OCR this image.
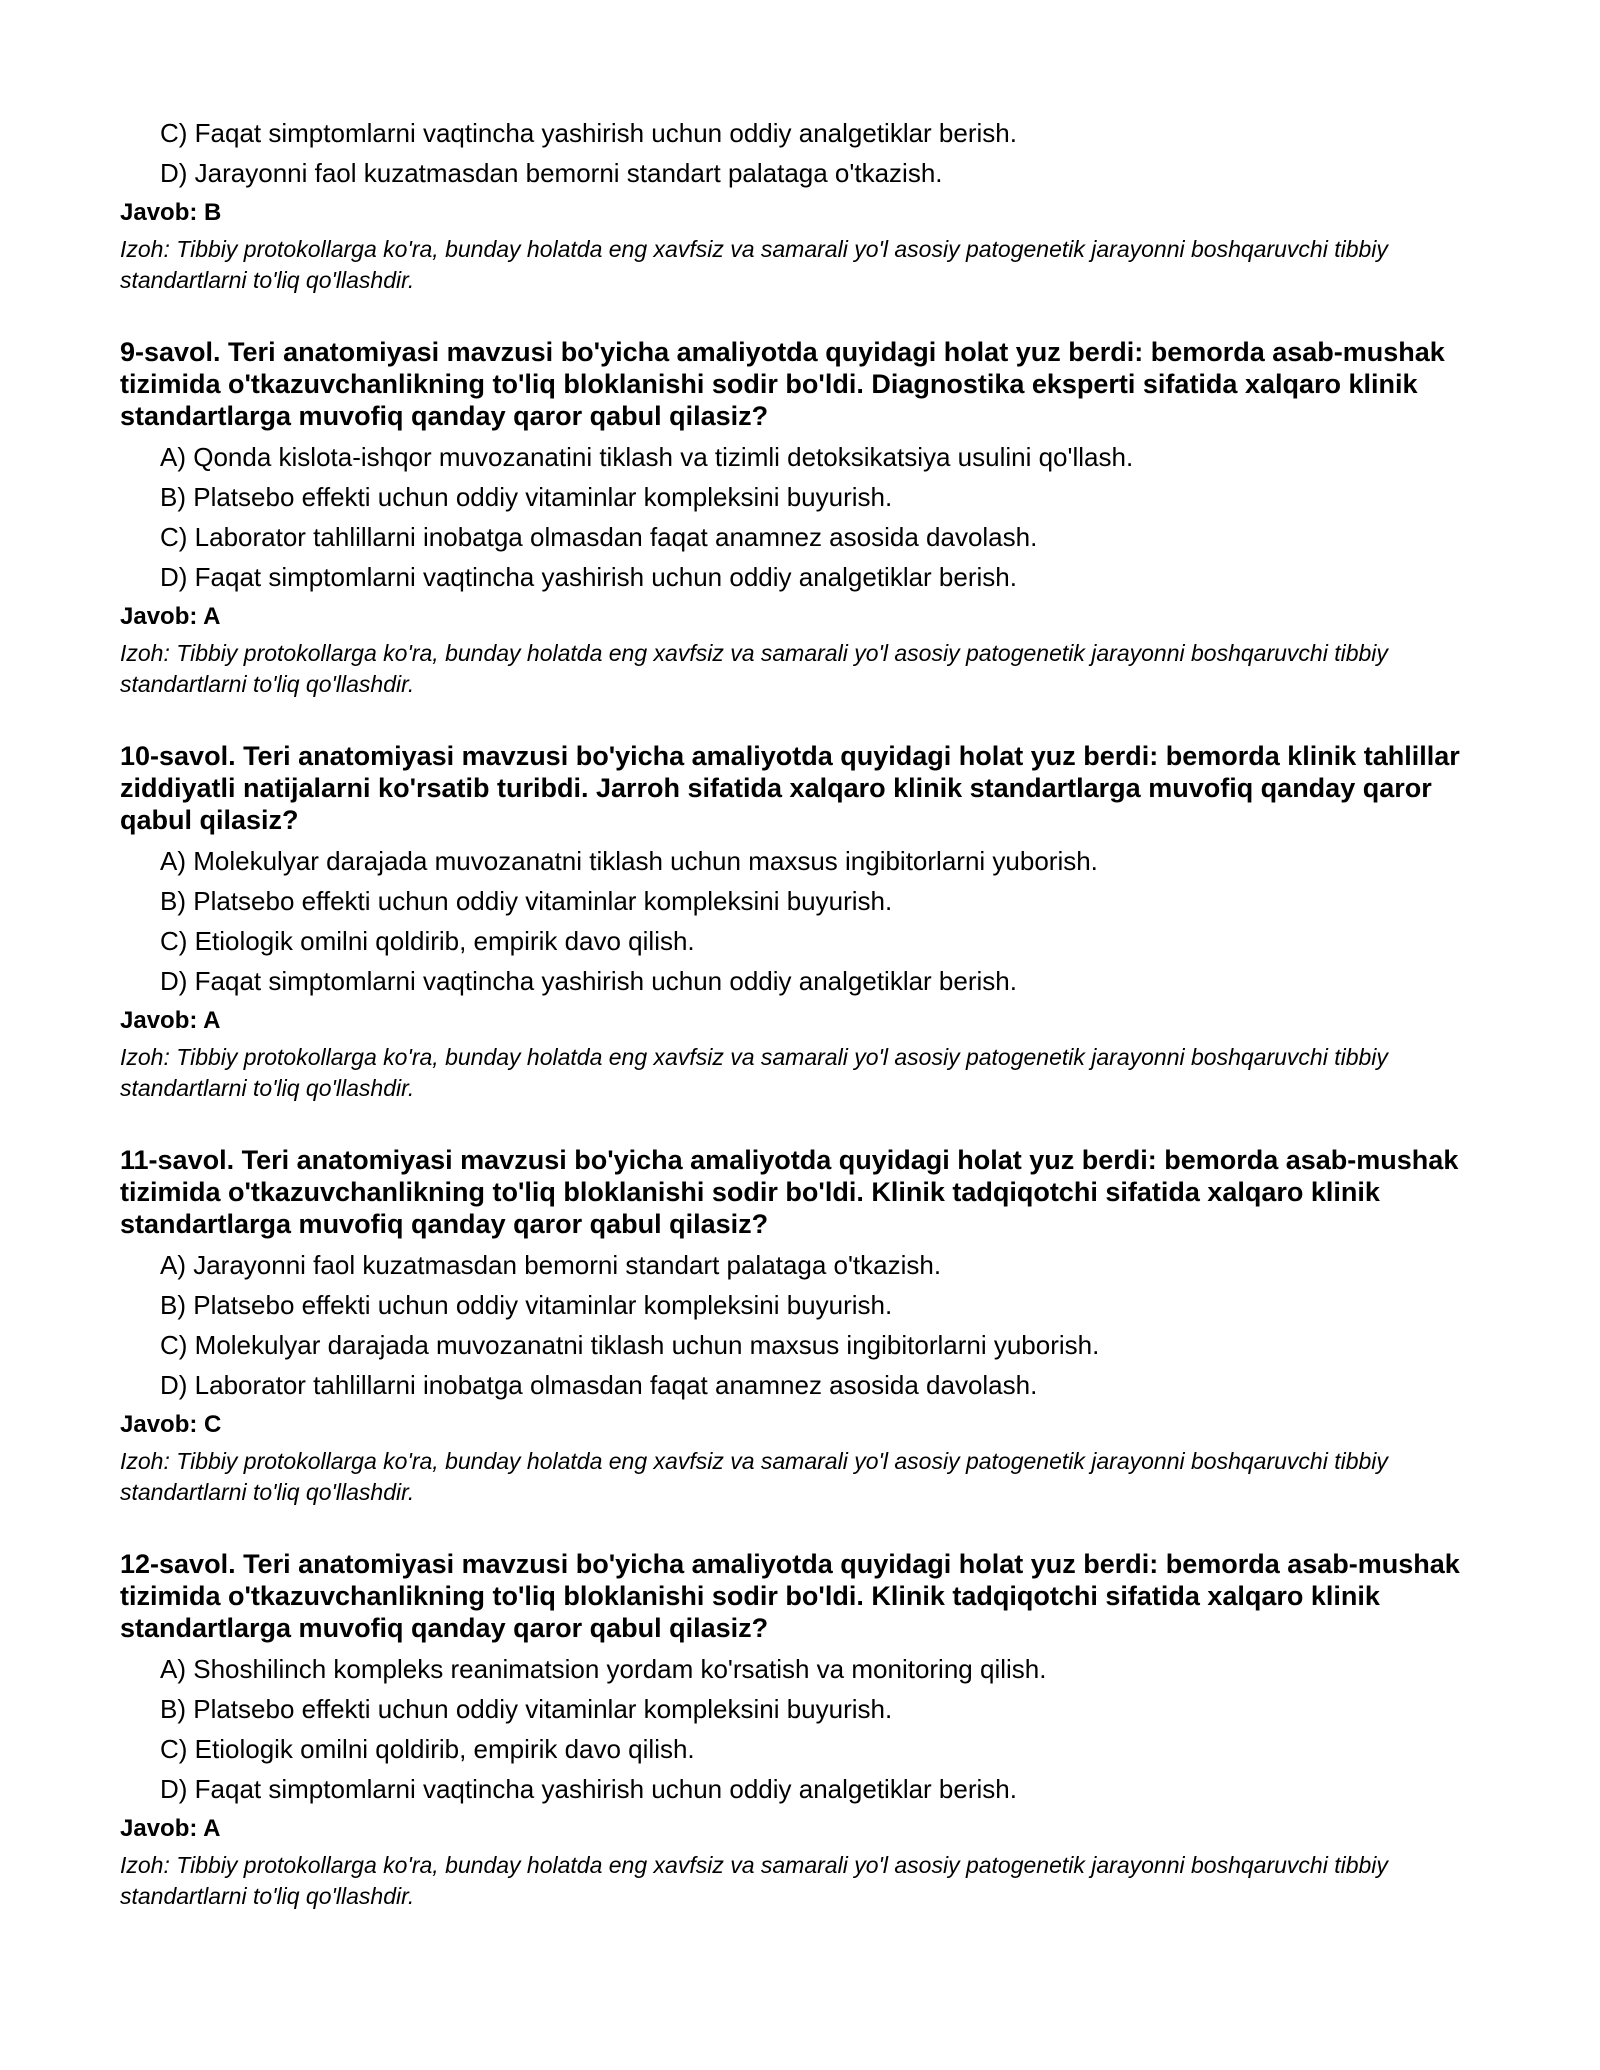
C) Faqat simptomlarni vaqtincha yashirish uchun oddiy analgetiklar berish.
D) Jarayonni faol kuzatmasdan bemorni standart palataga o'tkazish.
Javob: B
Izoh: Tibbiy protokollarga ko'ra, bunday holatda eng xavfsiz va samarali yo'l asosiy patogenetik jarayonni boshqaruvchi tibbiy standartlarni to'liq qo'llashdir.
9-savol. Teri anatomiyasi mavzusi bo'yicha amaliyotda quyidagi holat yuz berdi: bemorda asab-mushak tizimida o'tkazuvchanlikning to'liq bloklanishi sodir bo'ldi. Diagnostika eksperti sifatida xalqaro klinik standartlarga muvofiq qanday qaror qabul qilasiz?
A) Qonda kislota-ishqor muvozanatini tiklash va tizimli detoksikatsiya usulini qo'llash.
B) Platsebo effekti uchun oddiy vitaminlar kompleksini buyurish.
C) Laborator tahlillarni inobatga olmasdan faqat anamnez asosida davolash.
D) Faqat simptomlarni vaqtincha yashirish uchun oddiy analgetiklar berish.
Javob: A
Izoh: Tibbiy protokollarga ko'ra, bunday holatda eng xavfsiz va samarali yo'l asosiy patogenetik jarayonni boshqaruvchi tibbiy standartlarni to'liq qo'llashdir.
10-savol. Teri anatomiyasi mavzusi bo'yicha amaliyotda quyidagi holat yuz berdi: bemorda klinik tahlillar ziddiyatli natijalarni ko'rsatib turibdi. Jarroh sifatida xalqaro klinik standartlarga muvofiq qanday qaror qabul qilasiz?
A) Molekulyar darajada muvozanatni tiklash uchun maxsus ingibitorlarni yuborish.
B) Platsebo effekti uchun oddiy vitaminlar kompleksini buyurish.
C) Etiologik omilni qoldirib, empirik davo qilish.
D) Faqat simptomlarni vaqtincha yashirish uchun oddiy analgetiklar berish.
Javob: A
Izoh: Tibbiy protokollarga ko'ra, bunday holatda eng xavfsiz va samarali yo'l asosiy patogenetik jarayonni boshqaruvchi tibbiy standartlarni to'liq qo'llashdir.
11-savol. Teri anatomiyasi mavzusi bo'yicha amaliyotda quyidagi holat yuz berdi: bemorda asab-mushak tizimida o'tkazuvchanlikning to'liq bloklanishi sodir bo'ldi. Klinik tadqiqotchi sifatida xalqaro klinik standartlarga muvofiq qanday qaror qabul qilasiz?
A) Jarayonni faol kuzatmasdan bemorni standart palataga o'tkazish.
B) Platsebo effekti uchun oddiy vitaminlar kompleksini buyurish.
C) Molekulyar darajada muvozanatni tiklash uchun maxsus ingibitorlarni yuborish.
D) Laborator tahlillarni inobatga olmasdan faqat anamnez asosida davolash.
Javob: C
Izoh: Tibbiy protokollarga ko'ra, bunday holatda eng xavfsiz va samarali yo'l asosiy patogenetik jarayonni boshqaruvchi tibbiy standartlarni to'liq qo'llashdir.
12-savol. Teri anatomiyasi mavzusi bo'yicha amaliyotda quyidagi holat yuz berdi: bemorda asab-mushak tizimida o'tkazuvchanlikning to'liq bloklanishi sodir bo'ldi. Klinik tadqiqotchi sifatida xalqaro klinik standartlarga muvofiq qanday qaror qabul qilasiz?
A) Shoshilinch kompleks reanimatsion yordam ko'rsatish va monitoring qilish.
B) Platsebo effekti uchun oddiy vitaminlar kompleksini buyurish.
C) Etiologik omilni qoldirib, empirik davo qilish.
D) Faqat simptomlarni vaqtincha yashirish uchun oddiy analgetiklar berish.
Javob: A
Izoh: Tibbiy protokollarga ko'ra, bunday holatda eng xavfsiz va samarali yo'l asosiy patogenetik jarayonni boshqaruvchi tibbiy standartlarni to'liq qo'llashdir.
